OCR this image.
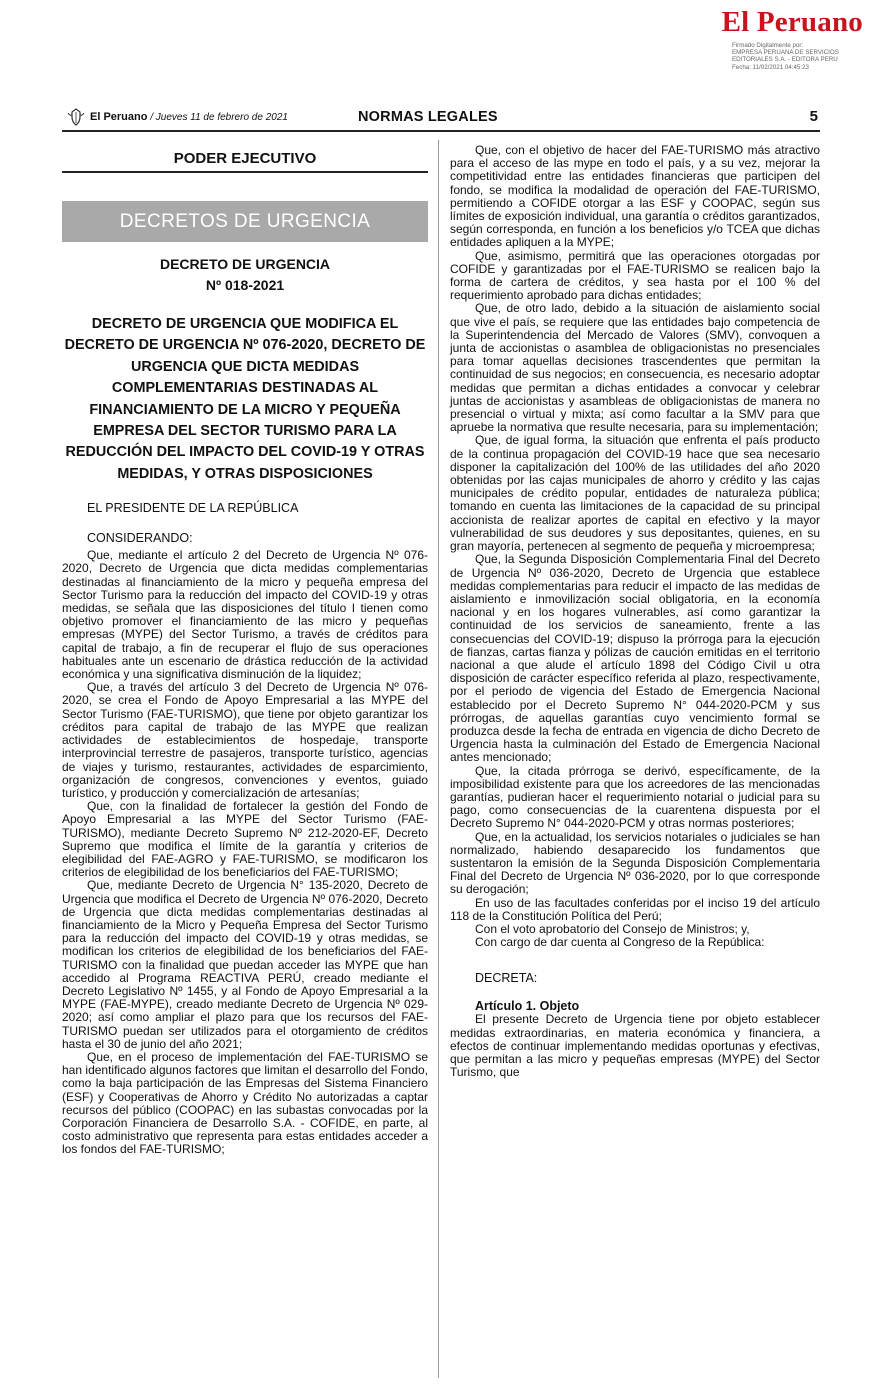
El Peruano
Firmado Digitalmente por:
EMPRESA PERUANA DE SERVICIOS
EDITORIALES S.A. - EDITORA PERU
Fecha: 11/02/2021 04:45:23
El Peruano / Jueves 11 de febrero de 2021	NORMAS LEGALES	5
PODER EJECUTIVO
DECRETOS DE URGENCIA
DECRETO DE URGENCIA
Nº 018-2021
DECRETO DE URGENCIA QUE MODIFICA EL DECRETO DE URGENCIA Nº 076-2020, DECRETO DE URGENCIA QUE DICTA MEDIDAS COMPLEMENTARIAS DESTINADAS AL FINANCIAMIENTO DE LA MICRO Y PEQUEÑA EMPRESA DEL SECTOR TURISMO PARA LA REDUCCIÓN DEL IMPACTO DEL COVID-19 Y OTRAS MEDIDAS, Y OTRAS DISPOSICIONES
EL PRESIDENTE DE LA REPÚBLICA
CONSIDERANDO:

Que, mediante el artículo 2 del Decreto de Urgencia Nº 076-2020, Decreto de Urgencia que dicta medidas complementarias destinadas al financiamiento de la micro y pequeña empresa del Sector Turismo para la reducción del impacto del COVID-19 y otras medidas, se señala que las disposiciones del título I tienen como objetivo promover el financiamiento de las micro y pequeñas empresas (MYPE) del Sector Turismo, a través de créditos para capital de trabajo, a fin de recuperar el flujo de sus operaciones habituales ante un escenario de drástica reducción de la actividad económica y una significativa disminución de la liquidez;

Que, a través del artículo 3 del Decreto de Urgencia Nº 076-2020, se crea el Fondo de Apoyo Empresarial a las MYPE del Sector Turismo (FAE-TURISMO), que tiene por objeto garantizar los créditos para capital de trabajo de las MYPE que realizan actividades de establecimientos de hospedaje, transporte interprovincial terrestre de pasajeros, transporte turístico, agencias de viajes y turismo, restaurantes, actividades de esparcimiento, organización de congresos, convenciones y eventos, guiado turístico, y producción y comercialización de artesanías;

Que, con la finalidad de fortalecer la gestión del Fondo de Apoyo Empresarial a las MYPE del Sector Turismo (FAE-TURISMO), mediante Decreto Supremo Nº 212-2020-EF, Decreto Supremo que modifica el límite de la garantía y criterios de elegibilidad del FAE-AGRO y FAE-TURISMO, se modificaron los criterios de elegibilidad de los beneficiarios del FAE-TURISMO;

Que, mediante Decreto de Urgencia N° 135-2020, Decreto de Urgencia que modifica el Decreto de Urgencia Nº 076-2020, Decreto de Urgencia que dicta medidas complementarias destinadas al financiamiento de la Micro y Pequeña Empresa del Sector Turismo para la reducción del impacto del COVID-19 y otras medidas, se modifican los criterios de elegibilidad de los beneficiarios del FAE-TURISMO con la finalidad que puedan acceder las MYPE que han accedido al Programa REACTIVA PERÚ, creado mediante el Decreto Legislativo Nº 1455, y al Fondo de Apoyo Empresarial a la MYPE (FAE-MYPE), creado mediante Decreto de Urgencia Nº 029-2020; así como ampliar el plazo para que los recursos del FAE-TURISMO puedan ser utilizados para el otorgamiento de créditos hasta el 30 de junio del año 2021;

Que, en el proceso de implementación del FAE-TURISMO se han identificado algunos factores que limitan el desarrollo del Fondo, como la baja participación de las Empresas del Sistema Financiero (ESF) y Cooperativas de Ahorro y Crédito No autorizadas a captar recursos del público (COOPAC) en las subastas convocadas por la Corporación Financiera de Desarrollo S.A. - COFIDE, en parte, al costo administrativo que representa para estas entidades acceder a los fondos del FAE-TURISMO;

Que, con el objetivo de hacer del FAE-TURISMO más atractivo para el acceso de las mype en todo el país, y a su vez, mejorar la competitividad entre las entidades financieras que participen del fondo, se modifica la modalidad de operación del FAE-TURISMO, permitiendo a COFIDE otorgar a las ESF y COOPAC, según sus límites de exposición individual, una garantía o créditos garantizados, según corresponda, en función a los beneficios y/o TCEA que dichas entidades apliquen a la MYPE;

Que, asimismo, permitirá que las operaciones otorgadas por COFIDE y garantizadas por el FAE-TURISMO se realicen bajo la forma de cartera de créditos, y sea hasta por el 100 % del requerimiento aprobado para dichas entidades;

Que, de otro lado, debido a la situación de aislamiento social que vive el país, se requiere que las entidades bajo competencia de la Superintendencia del Mercado de Valores (SMV), convoquen a junta de accionistas o asamblea de obligacionistas no presenciales para tomar aquellas decisiones trascendentes que permitan la continuidad de sus negocios; en consecuencia, es necesario adoptar medidas que permitan a dichas entidades a convocar y celebrar juntas de accionistas y asambleas de obligacionistas de manera no presencial o virtual y mixta; así como facultar a la SMV para que apruebe la normativa que resulte necesaria, para su implementación;

Que, de igual forma, la situación que enfrenta el país producto de la continua propagación del COVID-19 hace que sea necesario disponer la capitalización del 100% de las utilidades del año 2020 obtenidas por las cajas municipales de ahorro y crédito y las cajas municipales de crédito popular, entidades de naturaleza pública; tomando en cuenta las limitaciones de la capacidad de su principal accionista de realizar aportes de capital en efectivo y la mayor vulnerabilidad de sus deudores y sus depositantes, quienes, en su gran mayoría, pertenecen al segmento de pequeña y microempresa;

Que, la Segunda Disposición Complementaria Final del Decreto de Urgencia Nº 036-2020, Decreto de Urgencia que establece medidas complementarias para reducir el impacto de las medidas de aislamiento e inmovilización social obligatoria, en la economía nacional y en los hogares vulnerables, así como garantizar la continuidad de los servicios de saneamiento, frente a las consecuencias del COVID-19; dispuso la prórroga para la ejecución de fianzas, cartas fianza y pólizas de caución emitidas en el territorio nacional a que alude el artículo 1898 del Código Civil u otra disposición de carácter específico referida al plazo, respectivamente, por el periodo de vigencia del Estado de Emergencia Nacional establecido por el Decreto Supremo N° 044-2020-PCM y sus prórrogas, de aquellas garantías cuyo vencimiento formal se produzca desde la fecha de entrada en vigencia de dicho Decreto de Urgencia hasta la culminación del Estado de Emergencia Nacional antes mencionado;

Que, la citada prórroga se derivó, específicamente, de la imposibilidad existente para que los acreedores de las mencionadas garantías, pudieran hacer el requerimiento notarial o judicial para su pago, como consecuencias de la cuarentena dispuesta por el Decreto Supremo N° 044-2020-PCM y otras normas posteriores;

Que, en la actualidad, los servicios notariales o judiciales se han normalizado, habiendo desaparecido los fundamentos que sustentaron la emisión de la Segunda Disposición Complementaria Final del Decreto de Urgencia Nº 036-2020, por lo que corresponde su derogación;

En uso de las facultades conferidas por el inciso 19 del artículo 118 de la Constitución Política del Perú;

Con el voto aprobatorio del Consejo de Ministros; y,

Con cargo de dar cuenta al Congreso de la República:

DECRETA:
Artículo 1. Objeto

El presente Decreto de Urgencia tiene por objeto establecer medidas extraordinarias, en materia económica y financiera, a efectos de continuar implementando medidas oportunas y efectivas, que permitan a las micro y pequeñas empresas (MYPE) del Sector Turismo, que
